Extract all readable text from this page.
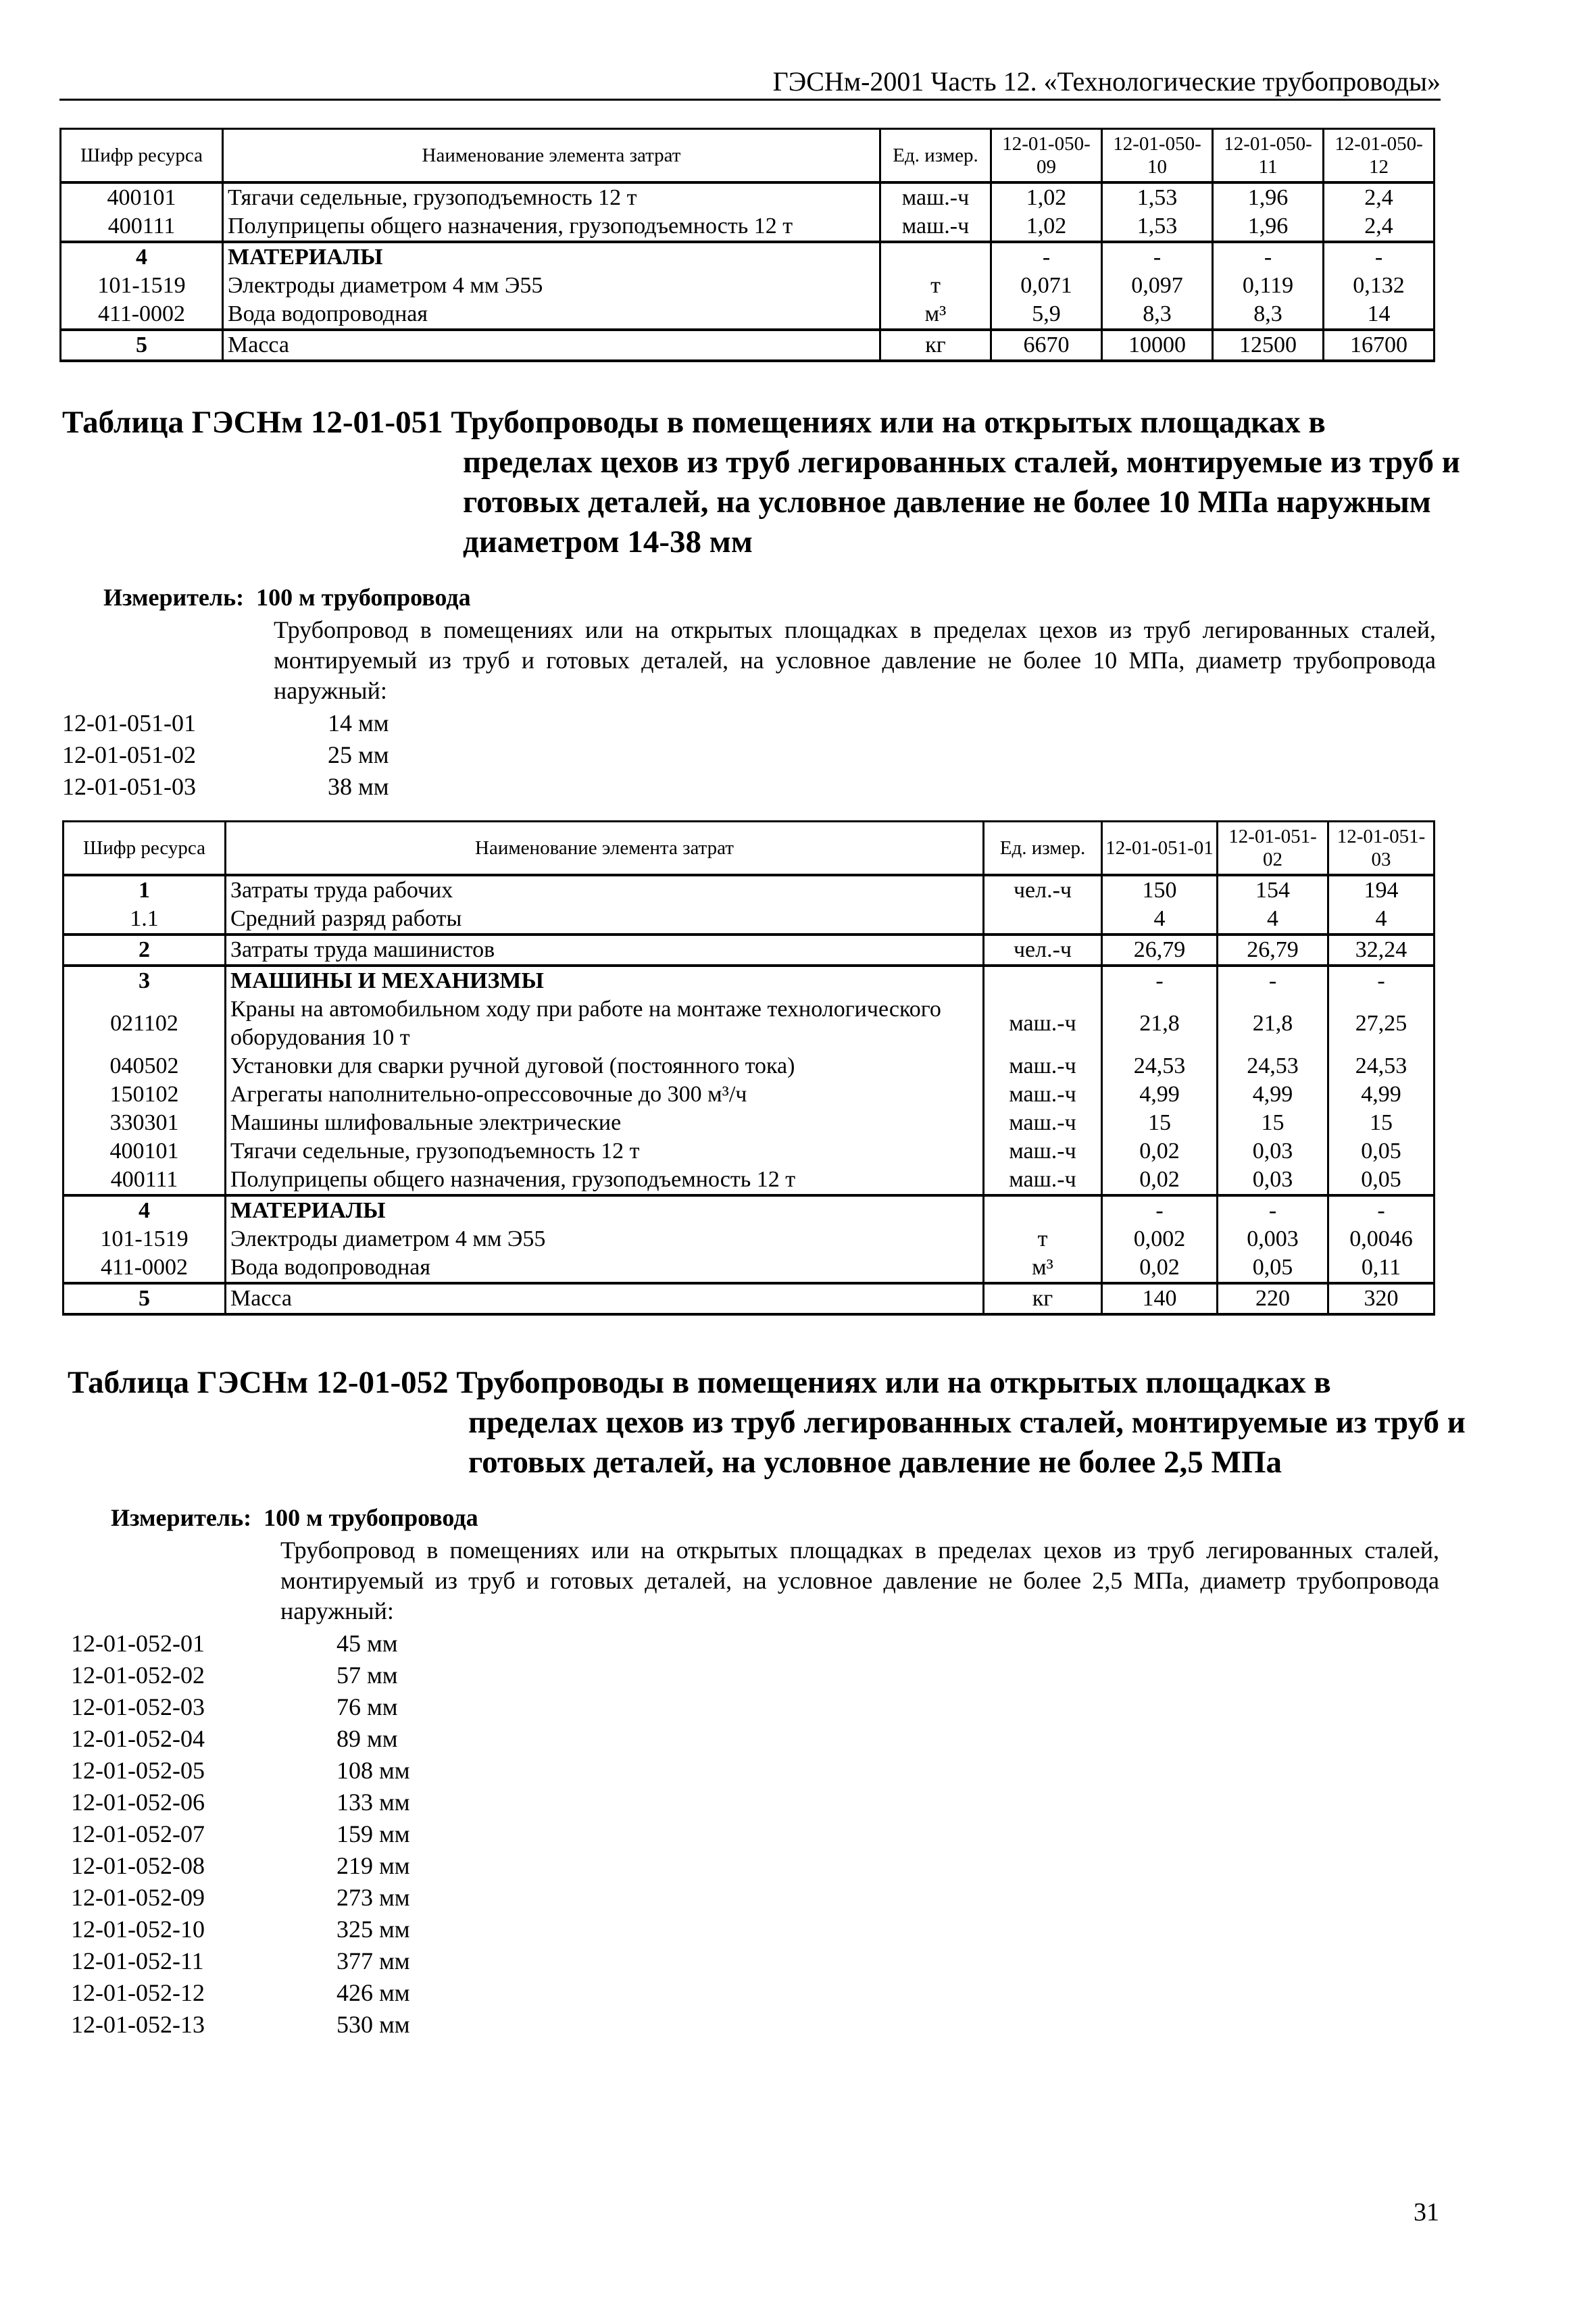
ГЭСНм-2001 Часть 12. «Технологические трубопроводы»
Шифр ресурса	Наименование элемента затрат	Ед. измер.	12-01-050-09	12-01-050-10	12-01-050-11	12-01-050-12
400101	Тягачи седельные, грузоподъемность 12 т	маш.-ч	1,02	1,53	1,96	2,4
400111	Полуприцепы общего назначения, грузоподъемность 12 т	маш.-ч	1,02	1,53	1,96	2,4
4	МАТЕРИАЛЫ		-	-	-	-
101-1519	Электроды диаметром 4 мм Э55	т	0,071	0,097	0,119	0,132
411-0002	Вода водопроводная	м³	5,9	8,3	8,3	14
5	Масса	кг	6670	10000	12500	16700
Таблица ГЭСНм 12-01-051 Трубопроводы в помещениях или на открытых площадках в
пределах цехов из труб легированных сталей, монтируемые из труб и готовых деталей, на условное давление не более 10 МПа наружным диаметром 14-38 мм
Измеритель: 100 м трубопровода
Трубопровод в помещениях или на открытых площадках в пределах цехов из труб легированных сталей, монтируемый из труб и готовых деталей, на условное давление не более 10 МПа, диаметр трубопровода наружный:
12-01-051-01	14 мм
12-01-051-02	25 мм
12-01-051-03	38 мм
Шифр ресурса	Наименование элемента затрат	Ед. измер.	12-01-051-01	12-01-051-02	12-01-051-03
1	Затраты труда рабочих	чел.-ч	150	154	194
1.1	Средний разряд работы		4	4	4
2	Затраты труда машинистов	чел.-ч	26,79	26,79	32,24
3	МАШИНЫ И МЕХАНИЗМЫ		-	-	-
021102	Краны на автомобильном ходу при работе на монтаже технологического оборудования 10 т	маш.-ч	21,8	21,8	27,25
040502	Установки для сварки ручной дуговой (постоянного тока)	маш.-ч	24,53	24,53	24,53
150102	Агрегаты наполнительно-опрессовочные до 300 м³/ч	маш.-ч	4,99	4,99	4,99
330301	Машины шлифовальные электрические	маш.-ч	15	15	15
400101	Тягачи седельные, грузоподъемность 12 т	маш.-ч	0,02	0,03	0,05
400111	Полуприцепы общего назначения, грузоподъемность 12 т	маш.-ч	0,02	0,03	0,05
4	МАТЕРИАЛЫ		-	-	-
101-1519	Электроды диаметром 4 мм Э55	т	0,002	0,003	0,0046
411-0002	Вода водопроводная	м³	0,02	0,05	0,11
5	Масса	кг	140	220	320
Таблица ГЭСНм 12-01-052 Трубопроводы в помещениях или на открытых площадках в
пределах цехов из труб легированных сталей, монтируемые из труб и готовых деталей, на условное давление не более 2,5 МПа
Измеритель: 100 м трубопровода
Трубопровод в помещениях или на открытых площадках в пределах цехов из труб легированных сталей, монтируемый из труб и готовых деталей, на условное давление не более 2,5 МПа, диаметр трубопровода наружный:
12-01-052-01	45 мм
12-01-052-02	57 мм
12-01-052-03	76 мм
12-01-052-04	89 мм
12-01-052-05	108 мм
12-01-052-06	133 мм
12-01-052-07	159 мм
12-01-052-08	219 мм
12-01-052-09	273 мм
12-01-052-10	325 мм
12-01-052-11	377 мм
12-01-052-12	426 мм
12-01-052-13	530 мм
31
